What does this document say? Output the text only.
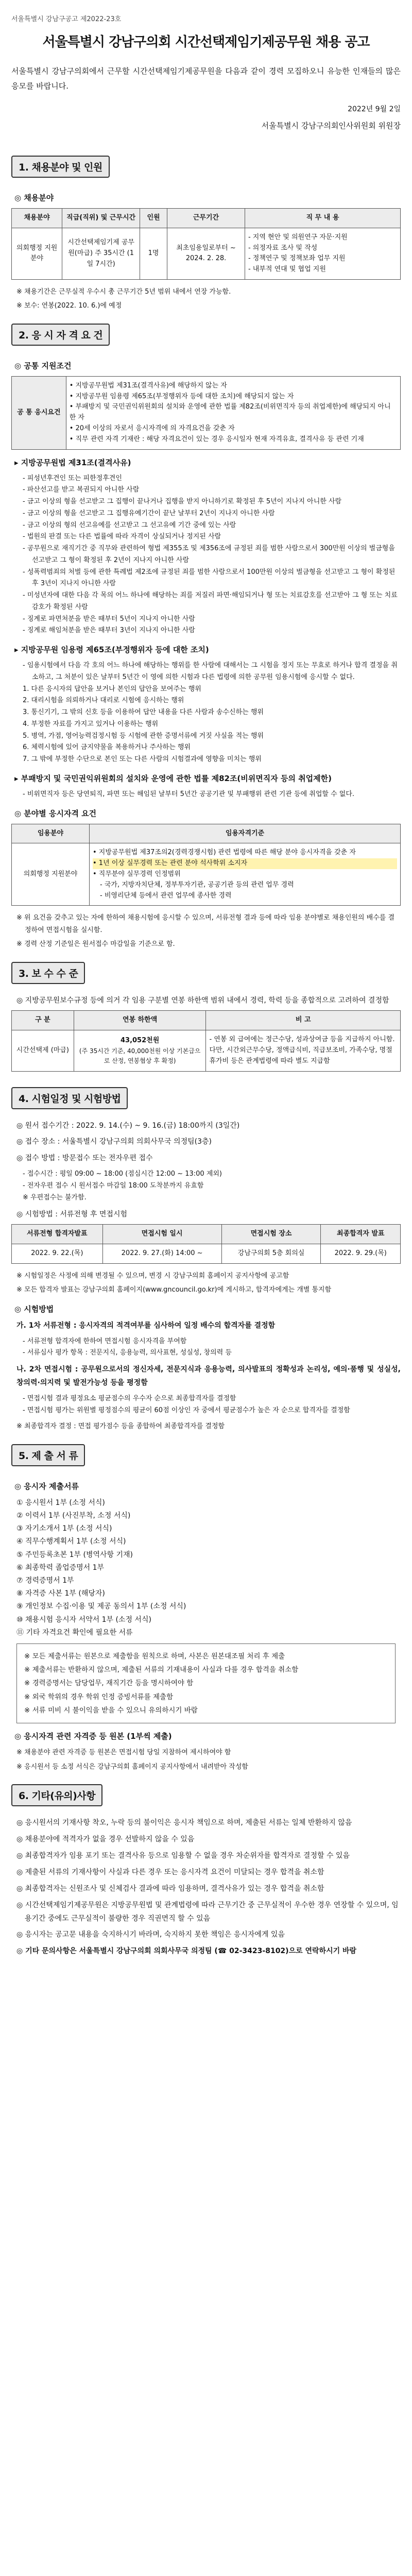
서울특별시 강남구공고 제2022-23호
서울특별시 강남구의회 시간선택제임기제공무원 채용 공고

서울특별시 강남구의회에서 근무할 시간선택제임기제공무원을 다음과 같이 경력 모집하오니 유능한 인재들의 많은 응모를 바랍니다.

2022년 9월 2일
서울특별시 강남구의회인사위원회 위원장
1. 채용분야 및 인원
◎ 채용분야
채용분야	직급(직위) 및 근무시간	인원	근무기간	직 무 내 용
의회행정 지원분야	시간선택제임기제 공무원(마급) 주 35시간 (1일 7시간)	1명	최초임용일로부터 ~ 2024. 2. 28.	- 지역 현안 및 의원연구 자문·지원
- 의정자료 조사 및 작성
- 정책연구 및 정책보좌 업무 지원
- 내부적 연대 및 협업 지원

※ 채용기간은 근무실적 우수시 총 근무기간 5년 범위 내에서 연장 가능함.

※ 보수: 연봉(2022. 10. 6.)에 예정

2. 응 시 자 격 요 건
◎ 공통 지원조건
공 통 응시요건	
• 지방공무원법 제31조(결격사유)에 해당하지 않는 자
• 지방공무원 임용령 제65조(부정행위자 등에 대한 조치)에 해당되지 않는 자
• 부패방지 및 국민권익위원회의 설치와 운영에 관한 법률 제82조(비위면직자 등의 취업제한)에 해당되지 아니한 자
• 20세 이상의 자로서 응시자격에 의 자격요건을 갖춘 자
• 직무 관련 자격 기재란 : 해당 자격요건이 있는 경우 응시일자 현재 자격유효, 결격사유 등 관련 기재
▸ 지방공무원법 제31조(결격사유)
- 피성년후견인 또는 피한정후견인
- 파산선고를 받고 복권되지 아니한 사람
- 금고 이상의 형을 선고받고 그 집행이 끝나거나 집행을 받지 아니하기로 확정된 후 5년이 지나지 아니한 사람
- 금고 이상의 형을 선고받고 그 집행유예기간이 끝난 날부터 2년이 지나지 아니한 사람
- 금고 이상의 형의 선고유예를 선고받고 그 선고유예 기간 중에 있는 사람
- 법원의 판결 또는 다른 법률에 따라 자격이 상실되거나 정지된 사람
- 공무원으로 재직기간 중 직무와 관련하여 형법 제355조 및 제356조에 규정된 죄를 범한 사람으로서 300만원 이상의 벌금형을 선고받고 그 형이 확정된 후 2년이 지나지 아니한 사람
- 성폭력범죄의 처벌 등에 관한 특례법 제2조에 규정된 죄를 범한 사람으로서 100만원 이상의 벌금형을 선고받고 그 형이 확정된 후 3년이 지나지 아니한 사람
- 미성년자에 대한 다음 각 목의 어느 하나에 해당하는 죄를 저질러 파면·해임되거나 형 또는 치료감호를 선고받아 그 형 또는 치료감호가 확정된 사람
- 징계로 파면처분을 받은 때부터 5년이 지나지 아니한 사람
- 징계로 해임처분을 받은 때부터 3년이 지나지 아니한 사람
▸ 지방공무원 임용령 제65조(부정행위자 등에 대한 조치)
- 임용시험에서 다음 각 호의 어느 하나에 해당하는 행위를 한 사람에 대해서는 그 시험을 정지 또는 무효로 하거나 합격 결정을 취소하고, 그 처분이 있은 날부터 5년간 이 영에 의한 시험과 다른 법령에 의한 공무원 임용시험에 응시할 수 없다.
1. 다른 응시자의 답안을 보거나 본인의 답안을 보여주는 행위
2. 대리시험을 의뢰하거나 대리로 시험에 응시하는 행위
3. 통신기기, 그 밖의 신호 등을 이용하여 답안 내용을 다른 사람과 송수신하는 행위
4. 부정한 자료를 가지고 있거나 이용하는 행위
5. 병역, 가점, 영어능력검정시험 등 시험에 관한 증명서류에 거짓 사실을 적는 행위
6. 체력시험에 있어 금지약물을 복용하거나 주사하는 행위
7. 그 밖에 부정한 수단으로 본인 또는 다른 사람의 시험결과에 영향을 미치는 행위
▸ 부패방지 및 국민권익위원회의 설치와 운영에 관한 법률 제82조(비위면직자 등의 취업제한)
- 비위면직자 등은 당연퇴직, 파면 또는 해임된 날부터 5년간 공공기관 및 부패행위 관련 기관 등에 취업할 수 없다.
◎ 분야별 응시자격 요건
임용분야	임용자격기준
의회행정 지원분야	• 지방공무원법 제37조의2(경력경쟁시험) 관련 법령에 따른 해당 분야 응시자격을 갖춘 자
• 1년 이상 실무경력 또는 관련 분야 석사학위 소지자
• 직무분야 실무경력 인정범위
- 국가, 지방자치단체, 정부투자기관, 공공기관 등의 관련 업무 경력
- 비영리단체 등에서 관련 업무에 종사한 경력

※ 위 요건을 갖추고 있는 자에 한하여 채용시험에 응시할 수 있으며, 서류전형 결과 등에 따라 임용 분야별로 채용인원의 배수를 결정하여 면접시험을 실시함.

※ 경력 산정 기준일은 원서접수 마감일을 기준으로 함.

3. 보 수 수 준

◎ 지방공무원보수규정 등에 의거 각 임용 구분별 연봉 하한액 범위 내에서 경력, 학력 등을 종합적으로 고려하여 결정함

구 분	연봉 하한액	비 고
시간선택제 (마급)	43,052천원
(주 35시간 기준, 40,000천원 이상 기본급으로 산정, 연봉협상 후 확정)	- 연봉 외 급여에는 정근수당, 성과상여금 등을 지급하지 아니함. 다만, 시간외근무수당, 정액급식비, 직급보조비, 가족수당, 명절휴가비 등은 관계법령에 따라 별도 지급함
4. 시험일정 및 시험방법

◎ 원서 접수기간 : 2022. 9. 14.(수) ~ 9. 16.(금) 18:00까지 (3일간)

◎ 접수 장소 : 서울특별시 강남구의회 의회사무국 의정팀(3층)

◎ 접수 방법 : 방문접수 또는 전자우편 접수

- 접수시간 : 평일 09:00 ~ 18:00 (점심시간 12:00 ~ 13:00 제외)
- 전자우편 접수 시 원서접수 마감일 18:00 도착분까지 유효함
※ 우편접수는 불가함.

◎ 시험방법 : 서류전형 후 면접시험

서류전형 합격자발표	면접시험 일시	면접시험 장소	최종합격자 발표
2022. 9. 22.(목)	2022. 9. 27.(화) 14:00 ~	강남구의회 5층 회의실	2022. 9. 29.(목)

※ 시험일정은 사정에 의해 변경될 수 있으며, 변경 시 강남구의회 홈페이지 공지사항에 공고함

※ 모든 합격자 발표는 강남구의회 홈페이지(www.gncouncil.go.kr)에 게시하고, 합격자에게는 개별 통지함

◎ 시험방법

가. 1차 서류전형 : 응시자격의 적격여부를 심사하여 일정 배수의 합격자를 결정함

- 서류전형 합격자에 한하여 면접시험 응시자격을 부여함
- 서류심사 평가 항목 : 전문지식, 응용능력, 의사표현, 성실성, 창의력 등

나. 2차 면접시험 : 공무원으로서의 정신자세, 전문지식과 응용능력, 의사발표의 정확성과 논리성, 예의·품행 및 성실성, 창의력·의지력 및 발전가능성 등을 평정함

- 면접시험 결과 평정요소 평균점수의 우수자 순으로 최종합격자를 결정함
- 면접시험 평가는 위원별 평정점수의 평균이 60점 이상인 자 중에서 평균점수가 높은 자 순으로 합격자를 결정함

※ 최종합격자 결정 : 면접 평가점수 등을 종합하여 최종합격자를 결정함

5. 제 출 서 류
◎ 응시자 제출서류
① 응시원서 1부 (소정 서식)
② 이력서 1부 (사진부착, 소정 서식)
③ 자기소개서 1부 (소정 서식)
④ 직무수행계획서 1부 (소정 서식)
⑤ 주민등록초본 1부 (병역사항 기재)
⑥ 최종학력 졸업증명서 1부
⑦ 경력증명서 1부
⑧ 자격증 사본 1부 (해당자)
⑨ 개인정보 수집·이용 및 제공 동의서 1부 (소정 서식)
⑩ 채용시험 응시자 서약서 1부 (소정 서식)
⑪ 기타 자격요건 확인에 필요한 서류

※ 모든 제출서류는 원본으로 제출함을 원칙으로 하며, 사본은 원본대조필 처리 후 제출

※ 제출서류는 반환하지 않으며, 제출된 서류의 기재내용이 사실과 다를 경우 합격을 취소함

※ 경력증명서는 담당업무, 재직기간 등을 명시하여야 함

※ 외국 학위의 경우 학위 인정 증빙서류를 제출함

※ 서류 미비 시 불이익을 받을 수 있으니 유의하시기 바람

◎ 응시자격 관련 자격증 등 원본 (1부씩 제출)

※ 채용분야 관련 자격증 등 원본은 면접시험 당일 지참하여 제시하여야 함

※ 응시원서 등 소정 서식은 강남구의회 홈페이지 공지사항에서 내려받아 작성함

6. 기타(유의)사항

◎ 응시원서의 기재사항 착오, 누락 등의 불이익은 응시자 책임으로 하며, 제출된 서류는 일체 반환하지 않음

◎ 채용분야에 적격자가 없을 경우 선발하지 않을 수 있음

◎ 최종합격자가 임용 포기 또는 결격사유 등으로 임용할 수 없을 경우 차순위자를 합격자로 결정할 수 있음

◎ 제출된 서류의 기재사항이 사실과 다른 경우 또는 응시자격 요건이 미달되는 경우 합격을 취소함

◎ 최종합격자는 신원조사 및 신체검사 결과에 따라 임용하며, 결격사유가 있는 경우 합격을 취소함

◎ 시간선택제임기제공무원은 지방공무원법 및 관계법령에 따라 근무기간 중 근무실적이 우수한 경우 연장할 수 있으며, 임용기간 중에도 근무실적이 불량한 경우 직권면직 할 수 있음

◎ 응시자는 공고문 내용을 숙지하시기 바라며, 숙지하지 못한 책임은 응시자에게 있음

◎ 기타 문의사항은 서울특별시 강남구의회 의회사무국 의정팀 (☎ 02-3423-8102)으로 연락하시기 바람
